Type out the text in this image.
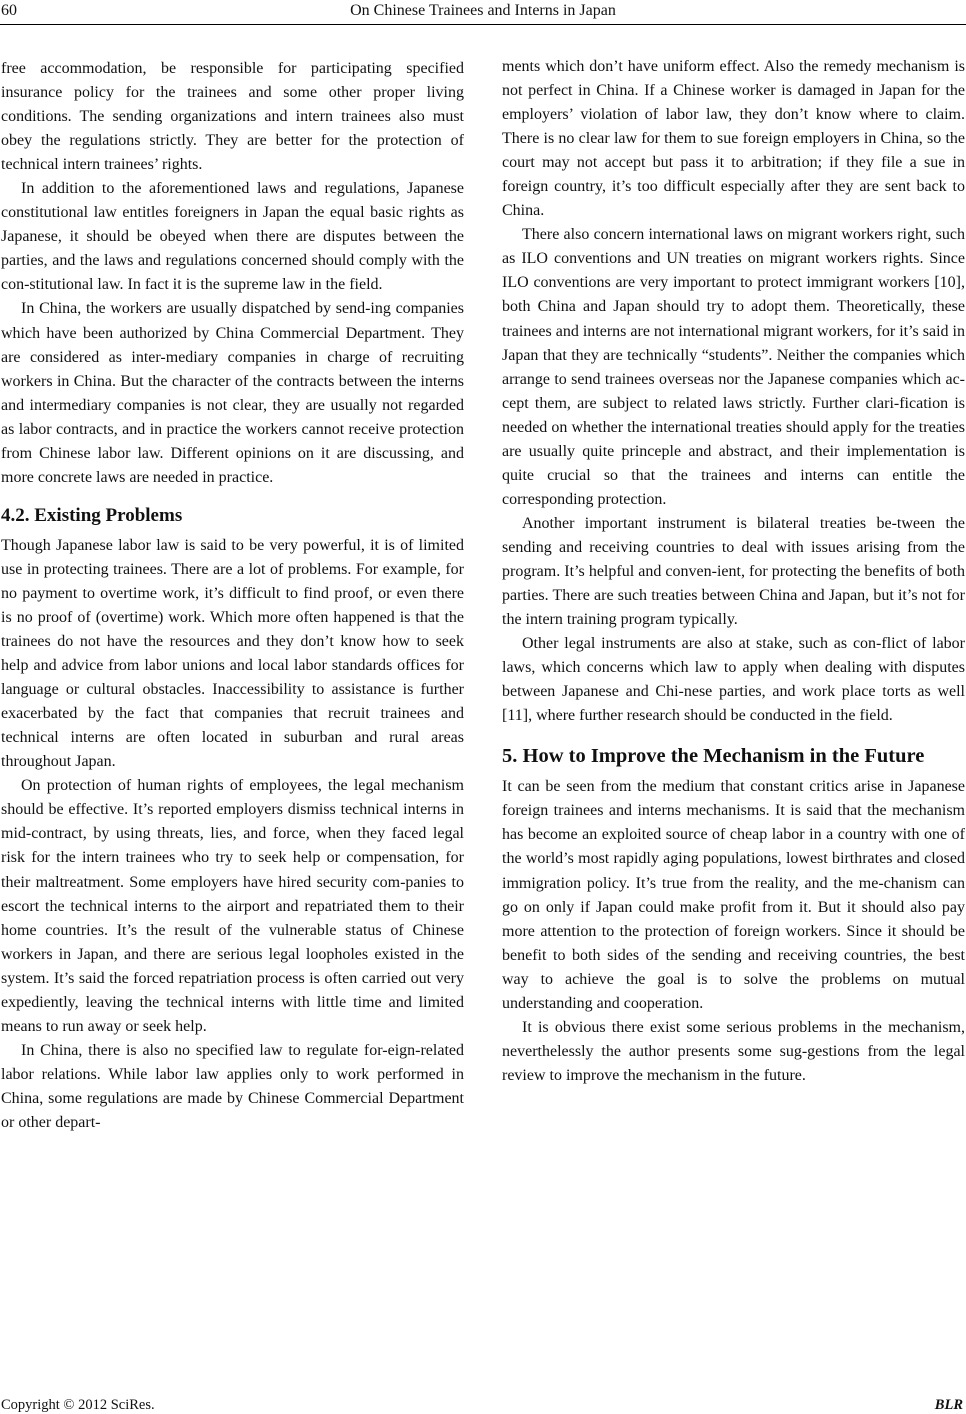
60	On Chinese Trainees and Interns in Japan

free accommodation, be responsible for participating specified insurance policy for the trainees and some other proper living conditions. The sending organizations and intern trainees also must obey the regulations strictly. They are better for the protection of technical intern trainees’ rights.

In addition to the aforementioned laws and regulations, Japanese constitutional law entitles foreigners in Japan the equal basic rights as Japanese, it should be obeyed when there are disputes between the parties, and the laws and regulations concerned should comply with the con-stitutional law. In fact it is the supreme law in the field.

In China, the workers are usually dispatched by send-ing companies which have been authorized by China Commercial Department. They are considered as inter-mediary companies in charge of recruiting workers in China. But the character of the contracts between the interns and intermediary companies is not clear, they are usually not regarded as labor contracts, and in practice the workers cannot receive protection from Chinese labor law. Different opinions on it are discussing, and more concrete laws are needed in practice.

4.2. Existing Problems

Though Japanese labor law is said to be very powerful, it is of limited use in protecting trainees. There are a lot of problems. For example, for no payment to overtime work, it’s difficult to find proof, or even there is no proof of (overtime) work. Which more often happened is that the trainees do not have the resources and they don’t know how to seek help and advice from labor unions and local labor standards offices for language or cultural obstacles. Inaccessibility to assistance is further exacerbated by the fact that companies that recruit trainees and technical interns are often located in suburban and rural areas throughout Japan.

On protection of human rights of employees, the legal mechanism should be effective. It’s reported employers dismiss technical interns in mid-contract, by using threats, lies, and force, when they faced legal risk for the intern trainees who try to seek help or compensation, for their maltreatment. Some employers have hired security com-panies to escort the technical interns to the airport and repatriated them to their home countries. It’s the result of the vulnerable status of Chinese workers in Japan, and there are serious legal loopholes existed in the system. It’s said the forced repatriation process is often carried out very expediently, leaving the technical interns with little time and limited means to run away or seek help.

In China, there is also no specified law to regulate for-eign-related labor relations. While labor law applies only to work performed in China, some regulations are made by Chinese Commercial Department or other depart-

ments which don’t have uniform effect. Also the remedy mechanism is not perfect in China. If a Chinese worker is damaged in Japan for the employers’ violation of labor law, they don’t know where to claim. There is no clear law for them to sue foreign employers in China, so the court may not accept but pass it to arbitration; if they file a sue in foreign country, it’s too difficult especially after they are sent back to China.

There also concern international laws on migrant workers right, such as ILO conventions and UN treaties on migrant workers rights. Since ILO conventions are very important to protect immigrant workers [10], both China and Japan should try to adopt them. Theoretically, these trainees and interns are not international migrant workers, for it’s said in Japan that they are technically “students”. Neither the companies which arrange to send trainees overseas nor the Japanese companies which ac-cept them, are subject to related laws strictly. Further clari-fication is needed on whether the international treaties should apply for the treaties are usually quite princeple and abstract, and their implementation is quite crucial so that the trainees and interns can entitle the corresponding protection.

Another important instrument is bilateral treaties be-tween the sending and receiving countries to deal with issues arising from the program. It’s helpful and conven-ient, for protecting the benefits of both parties. There are such treaties between China and Japan, but it’s not for the intern training program typically.

Other legal instruments are also at stake, such as con-flict of labor laws, which concerns which law to apply when dealing with disputes between Japanese and Chi-nese parties, and work place torts as well [11], where further research should be conducted in the field.

5. How to Improve the Mechanism in the Future

It can be seen from the medium that constant critics arise in Japanese foreign trainees and interns mechanisms. It is said that the mechanism has become an exploited source of cheap labor in a country with one of the world’s most rapidly aging populations, lowest birthrates and closed immigration policy. It’s true from the reality, and the me-chanism can go on only if Japan could make profit from it. But it should also pay more attention to the protection of foreign workers. Since it should be benefit to both sides of the sending and receiving countries, the best way to achieve the goal is to solve the problems on mutual understanding and cooperation.

It is obvious there exist some serious problems in the mechanism, neverthelessly the author presents some sug-gestions from the legal review to improve the mechanism in the future.

Copyright © 2012 SciRes.	BLR
